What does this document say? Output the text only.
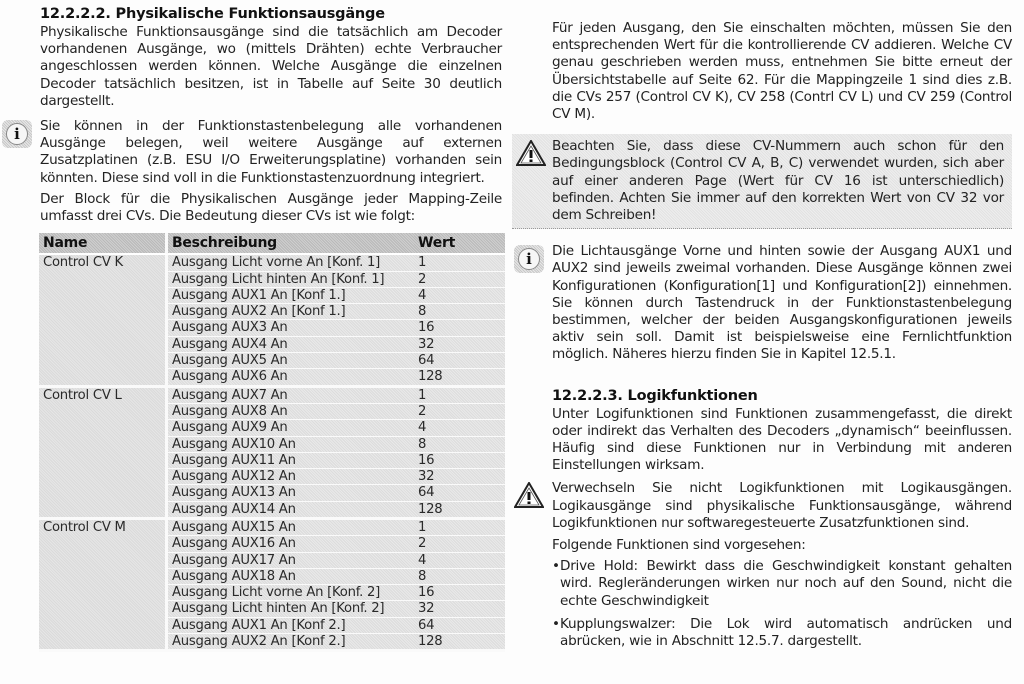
12.2.2.2. Physikalische Funktionsausgänge

Physikalische Funktionsausgänge sind die tatsächlich am Decoder vorhandenen Ausgänge, wo (mittels Drähten) echte Verbraucher angeschlossen werden können. Welche Ausgänge die einzelnen Decoder tatsächlich besitzen, ist in Tabelle auf Seite 30 deutlich dargestellt.

i	Sie können in der Funktionstastenbelegung alle vorhandenen Ausgänge belegen, weil weitere Ausgänge auf externen Zusatzplatinen (z.B. ESU I/O Erweiterungsplatine) vorhanden sein könnten. Diese sind voll in die Funktionstastenzuordnung integriert.

Der Block für die Physikalischen Ausgänge jeder Mapping-Zeile umfasst drei CVs. Die Bedeutung dieser CVs ist wie folgt:

Name	Beschreibung	Wert
Control CV K	Ausgang Licht vorne An [Konf. 1]	1
	Ausgang Licht hinten An [Konf. 1]	2
	Ausgang AUX1 An [Konf 1.]	4
	Ausgang AUX2 An [Konf 1.]	8
	Ausgang AUX3 An	16
	Ausgang AUX4 An	32
	Ausgang AUX5 An	64
	Ausgang AUX6 An	128
Control CV L	Ausgang AUX7 An	1
	Ausgang AUX8 An	2
	Ausgang AUX9 An	4
	Ausgang AUX10 An	8
	Ausgang AUX11 An	16
	Ausgang AUX12 An	32
	Ausgang AUX13 An	64
	Ausgang AUX14 An	128
Control CV M	Ausgang AUX15 An	1
	Ausgang AUX16 An	2
	Ausgang AUX17 An	4
	Ausgang AUX18 An	8
	Ausgang Licht vorne An [Konf. 2]	16
	Ausgang Licht hinten An [Konf. 2]	32
	Ausgang AUX1 An [Konf 2.]	64
	Ausgang AUX2 An [Konf 2.]	128

Für jeden Ausgang, den Sie einschalten möchten, müssen Sie den entsprechenden Wert für die kontrollierende CV addieren. Welche CV genau geschrieben werden muss, entnehmen Sie bitte erneut der Übersichtstabelle auf Seite 62. Für die Mappingzeile 1 sind dies z.B. die CVs 257 (Control CV K), CV 258 (Contrl CV L) und CV 259 (Control CV M).

Beachten Sie, dass diese CV-Nummern auch schon für den Bedingungsblock (Control CV A, B, C) verwendet wurden, sich aber auf einer anderen Page (Wert für CV 16 ist unterschiedlich) befinden. Achten Sie immer auf den korrekten Wert von CV 32 vor dem Schreiben!

i	Die Lichtausgänge Vorne und hinten sowie der Ausgang AUX1 und AUX2 sind jeweils zweimal vorhanden. Diese Ausgänge können zwei Konfigurationen (Konfiguration[1] und Konfiguration[2]) einnehmen. Sie können durch Tastendruck in der Funktionstastenbelegung bestimmen, welcher der beiden Ausgangskonfigurationen jeweils aktiv sein soll. Damit ist beispielsweise eine Fernlichtfunktion möglich. Näheres hierzu finden Sie in Kapitel 12.5.1.

12.2.2.3. Logikfunktionen

Unter Logifunktionen sind Funktionen zusammengefasst, die direkt oder indirekt das Verhalten des Decoders „dynamisch“ beeinflussen. Häufig sind diese Funktionen nur in Verbindung mit anderen Einstellungen wirksam.

Verwechseln Sie nicht Logikfunktionen mit Logikausgängen. Logikausgänge sind physikalische Funktionsausgänge, während Logikfunktionen nur softwaregesteuerte Zusatzfunktionen sind.

Folgende Funktionen sind vorgesehen:

• Drive Hold: Bewirkt dass die Geschwindigkeit konstant gehalten wird. Regleränderungen wirken nur noch auf den Sound, nicht die echte Geschwindigkeit
• Kupplungswalzer: Die Lok wird automatisch andrücken und abrücken, wie in Abschnitt 12.5.7. dargestellt.
